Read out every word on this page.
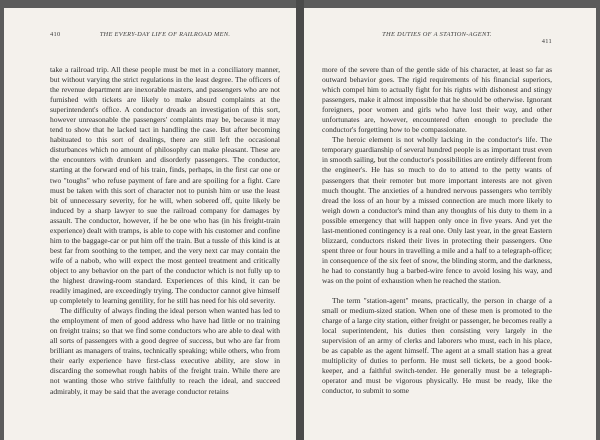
410	THE EVERY-DAY LIFE OF RAILROAD MEN.

take a railroad trip. All these people must be met in a conciliatory manner, but without varying the strict regulations in the least degree. The officers of the revenue department are inexorable masters, and passengers who are not furnished with tickets are likely to make absurd complaints at the superintendent's office. A conductor dreads an investigation of this sort, however unreasonable the passengers' complaints may be, because it may tend to show that he lacked tact in handling the case. But after becoming habituated to this sort of dealings, there are still left the occasional disturbances which no amount of philosophy can make pleasant. These are the encounters with drunken and disorderly passengers. The conductor, starting at the forward end of his train, finds, perhaps, in the first car one or two "toughs" who refuse payment of fare and are spoiling for a fight. Care must be taken with this sort of character not to punish him or use the least bit of unnecessary severity, for he will, when sobered off, quite likely be induced by a sharp lawyer to sue the railroad company for damages by assault. The conductor, however, if he be one who has (in his freight-train experience) dealt with tramps, is able to cope with his customer and confine him to the baggage-car or put him off the train. But a tussle of this kind is at best far from soothing to the temper, and the very next car may contain the wife of a nabob, who will expect the most genteel treatment and critically object to any behavior on the part of the conductor which is not fully up to the highest drawing-room standard. Experiences of this kind, it can be readily imagined, are exceedingly trying. The conductor cannot give himself up completely to learning gentility, for he still has need for his old severity.

The difficulty of always finding the ideal person when wanted has led to the employment of men of good address who have had little or no training on freight trains; so that we find some conductors who are able to deal with all sorts of passengers with a good degree of success, but who are far from brilliant as managers of trains, technically speaking; while others, who from their early experience have first-class executive ability, are slow in discarding the somewhat rough habits of the freight train. While there are not wanting those who strive faithfully to reach the ideal, and succeed admirably, it may be said that the average conductor retains

THE DUTIES OF A STATION-AGENT.
411

more of the severe than of the gentle side of his character, at least so far as outward behavior goes. The rigid requirements of his financial superiors, which compel him to actually fight for his rights with dishonest and stingy passengers, make it almost impossible that he should be otherwise. Ignorant foreigners, poor women and girls who have lost their way, and other unfortunates are, however, encountered often enough to preclude the conductor's forgetting how to be compassionate.

The heroic element is not wholly lacking in the conductor's life. The temporary guardianship of several hundred people is as important trust even in smooth sailing, but the conductor's possibilities are entirely different from the engineer's. He has so much to do to attend to the petty wants of passengers that their remoter but more important interests are not given much thought. The anxieties of a hundred nervous passengers who terribly dread the loss of an hour by a missed connection are much more likely to weigh down a conductor's mind than any thoughts of his duty to them in a possible emergency that will happen only once in five years. And yet the last-mentioned contingency is a real one. Only last year, in the great Eastern blizzard, conductors risked their lives in protecting their passengers. One spent three or four hours in travelling a mile and a half to a telegraph-office; in consequence of the six feet of snow, the blinding storm, and the darkness, he had to constantly hug a barbed-wire fence to avoid losing his way, and was on the point of exhaustion when he reached the station.

The term "station-agent" means, practically, the person in charge of a small or medium-sized station. When one of these men is promoted to the charge of a large city station, either freight or passenger, he becomes really a local superintendent, his duties then consisting very largely in the supervision of an army of clerks and laborers who must, each in his place, be as capable as the agent himself. The agent at a small station has a great multiplicity of duties to perform. He must sell tickets, be a good book-keeper, and a faithful switch-tender. He generally must be a telegraph-operator and must be vigorous physically. He must be ready, like the conductor, to submit to some
